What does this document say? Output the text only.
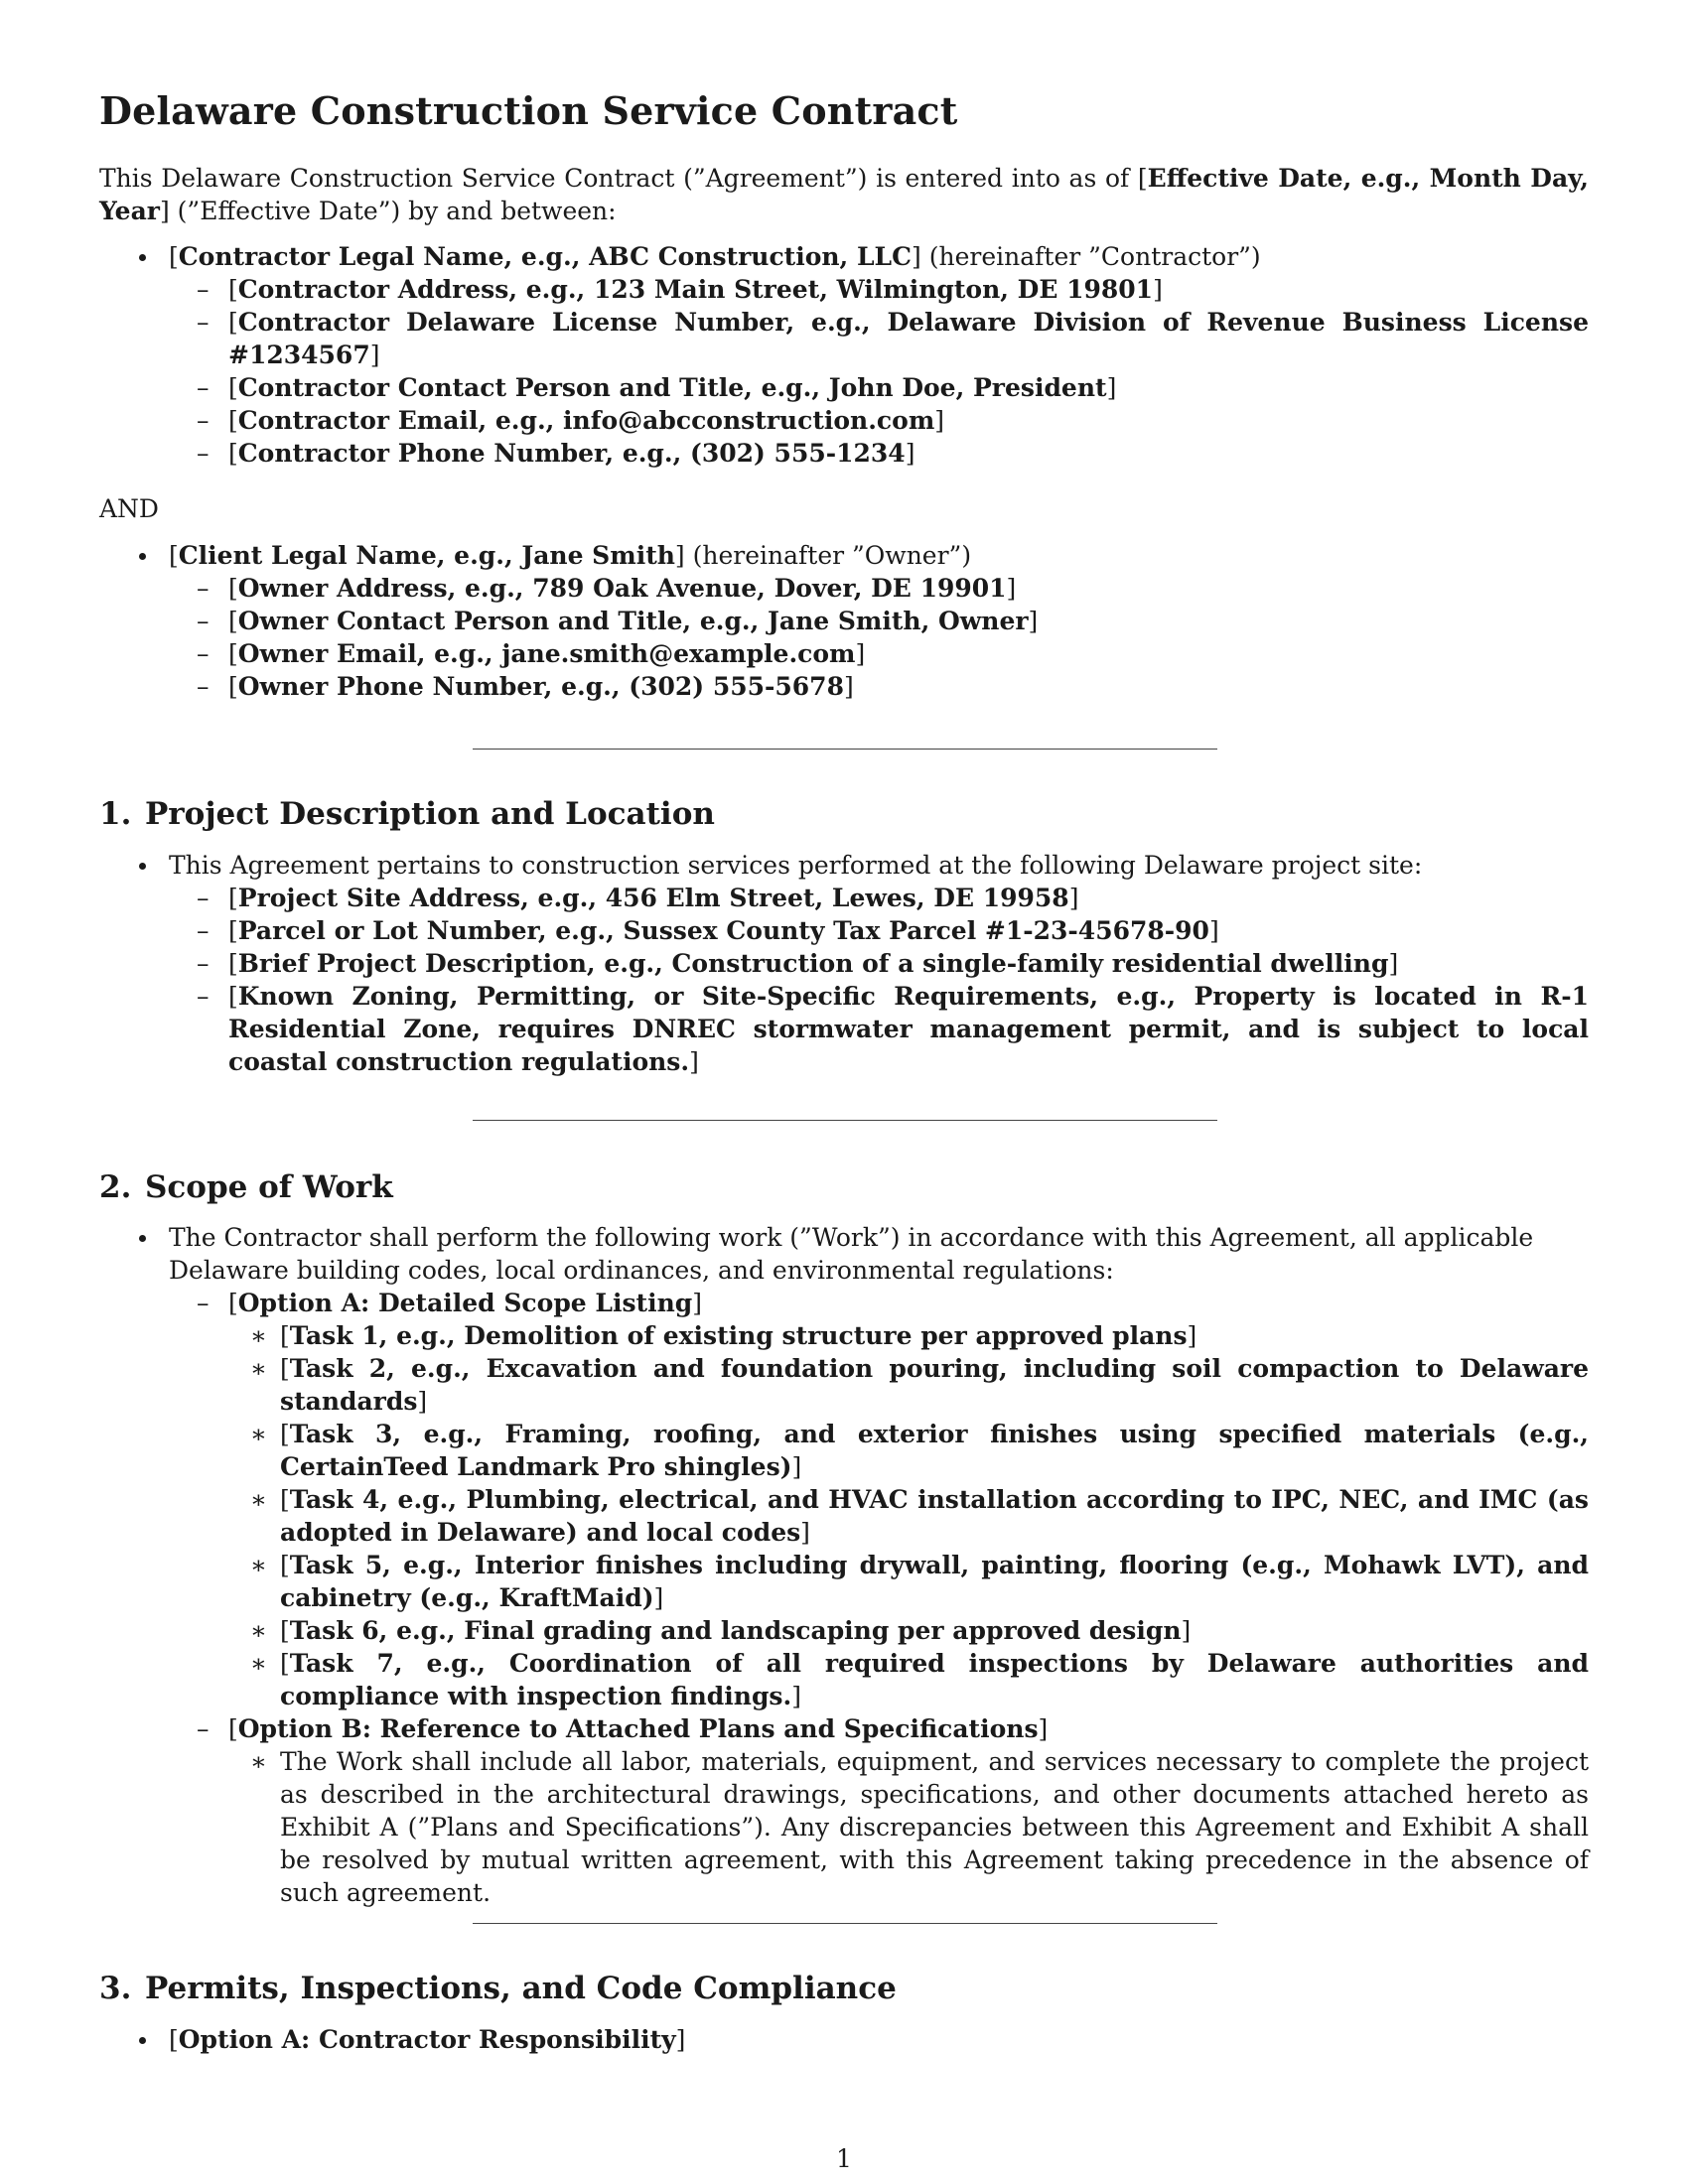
Delaware Construction Service Contract

This Delaware Construction Service Contract (”Agreement”) is entered into as of [Effective Date, e.g., Month Day, Year] (”Effective Date”) by and between:

[Contractor Legal Name, e.g., ABC Construction, LLC] (hereinafter ”Contractor”)
– [Contractor Address, e.g., 123 Main Street, Wilmington, DE 19801]
– [Contractor Delaware License Number, e.g., Delaware Division of Revenue Business License #1234567]
– [Contractor Contact Person and Title, e.g., John Doe, President]
– [Contractor Email, e.g., info@abcconstruction.com]
– [Contractor Phone Number, e.g., (302) 555-1234]

AND

[Client Legal Name, e.g., Jane Smith] (hereinafter ”Owner”)
– [Owner Address, e.g., 789 Oak Avenue, Dover, DE 19901]
– [Owner Contact Person and Title, e.g., Jane Smith, Owner]
– [Owner Email, e.g., jane.smith@example.com]
– [Owner Phone Number, e.g., (302) 555-5678]
1. Project Description and Location
This Agreement pertains to construction services performed at the following Delaware project site:
– [Project Site Address, e.g., 456 Elm Street, Lewes, DE 19958]
– [Parcel or Lot Number, e.g., Sussex County Tax Parcel #1-23-45678-90]
– [Brief Project Description, e.g., Construction of a single-family residential dwelling]
– [Known Zoning, Permitting, or Site-Specific Requirements, e.g., Property is located in R-1 Residential Zone, requires DNREC stormwater management permit, and is subject to local coastal construction regulations.]
2. Scope of Work
The Contractor shall perform the following work (”Work”) in accordance with this Agreement, all applicable Delaware building codes, local ordinances, and environmental regulations:
– [Option A: Detailed Scope Listing]
∗ [Task 1, e.g., Demolition of existing structure per approved plans]
∗ [Task 2, e.g., Excavation and foundation pouring, including soil compaction to Delaware standards]
∗ [Task 3, e.g., Framing, roofing, and exterior finishes using specified materials (e.g., CertainTeed Landmark Pro shingles)]
∗ [Task 4, e.g., Plumbing, electrical, and HVAC installation according to IPC, NEC, and IMC (as adopted in Delaware) and local codes]
∗ [Task 5, e.g., Interior finishes including drywall, painting, flooring (e.g., Mohawk LVT), and cabinetry (e.g., KraftMaid)]
∗ [Task 6, e.g., Final grading and landscaping per approved design]
∗ [Task 7, e.g., Coordination of all required inspections by Delaware authorities and compliance with inspection findings.]
– [Option B: Reference to Attached Plans and Specifications]
∗ The Work shall include all labor, materials, equipment, and services necessary to complete the project as described in the architectural drawings, specifications, and other documents attached hereto as Exhibit A (”Plans and Specifications”). Any discrepancies between this Agreement and Exhibit A shall be resolved by mutual written agreement, with this Agreement taking precedence in the absence of such agreement.
3. Permits, Inspections, and Code Compliance
[Option A: Contractor Responsibility]
1
